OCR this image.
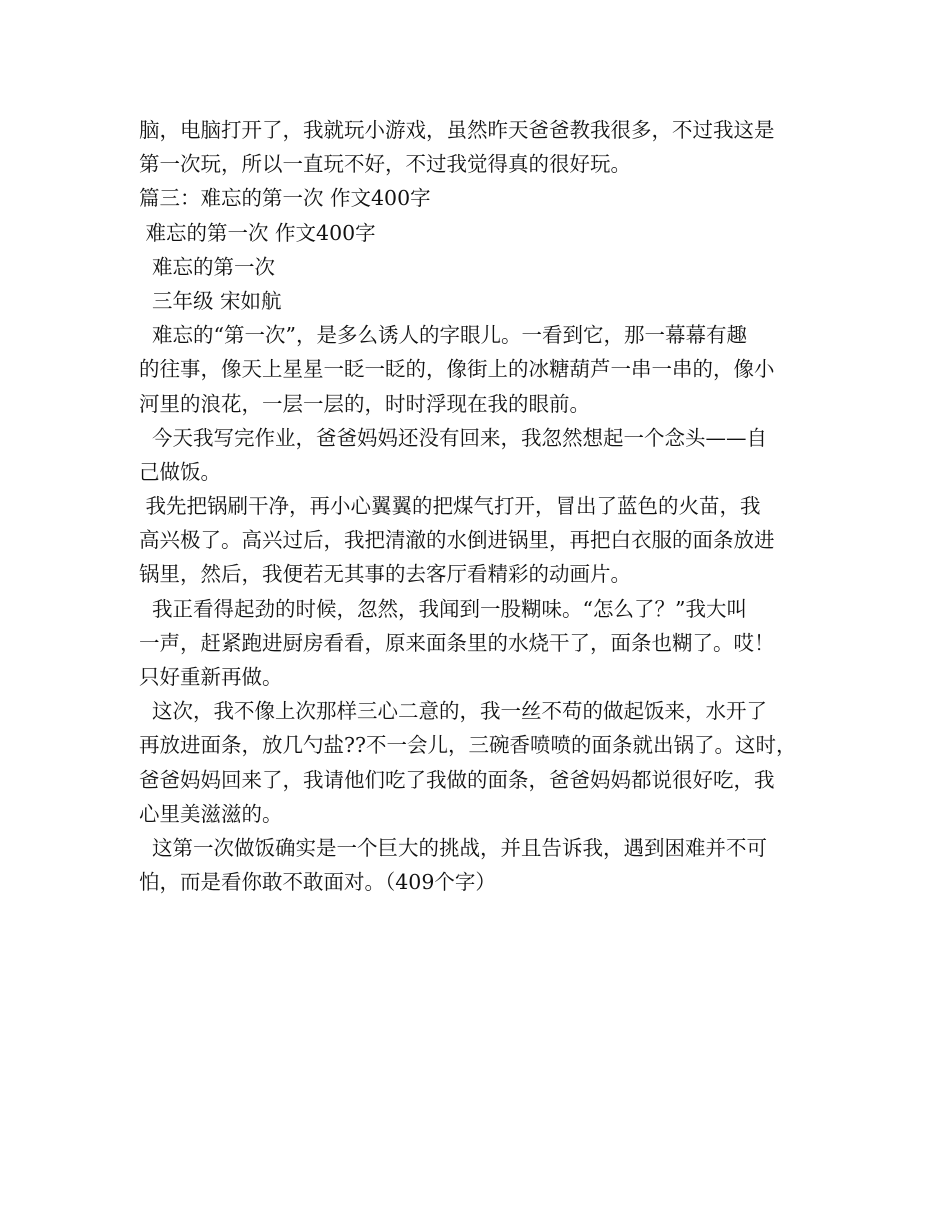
脑，电脑打开了，我就玩小游戏，虽然昨天爸爸教我很多，不过我这是
第一次玩，所以一直玩不好，不过我觉得真的很好玩。
篇三：难忘的第一次 作文400字
难忘的第一次 作文400字
难忘的第一次
三年级 宋如航
难忘的“第一次”，是多么诱人的字眼儿。一看到它，那一幕幕有趣
的往事，像天上星星一眨一眨的，像街上的冰糖葫芦一串一串的，像小
河里的浪花，一层一层的，时时浮现在我的眼前。
今天我写完作业，爸爸妈妈还没有回来，我忽然想起一个念头——自
己做饭。
我先把锅刷干净，再小心翼翼的把煤气打开，冒出了蓝色的火苗，我
高兴极了。高兴过后，我把清澈的水倒进锅里，再把白衣服的面条放进
锅里，然后，我便若无其事的去客厅看精彩的动画片。
我正看得起劲的时候，忽然，我闻到一股糊味。“怎么了？”我大叫
一声，赶紧跑进厨房看看，原来面条里的水烧干了，面条也糊了。哎！
只好重新再做。
这次，我不像上次那样三心二意的，我一丝不苟的做起饭来，水开了
再放进面条，放几勺盐??不一会儿，三碗香喷喷的面条就出锅了。这时，
爸爸妈妈回来了，我请他们吃了我做的面条，爸爸妈妈都说很好吃，我
心里美滋滋的。
这第一次做饭确实是一个巨大的挑战，并且告诉我，遇到困难并不可
怕，而是看你敢不敢面对。（409个字）
